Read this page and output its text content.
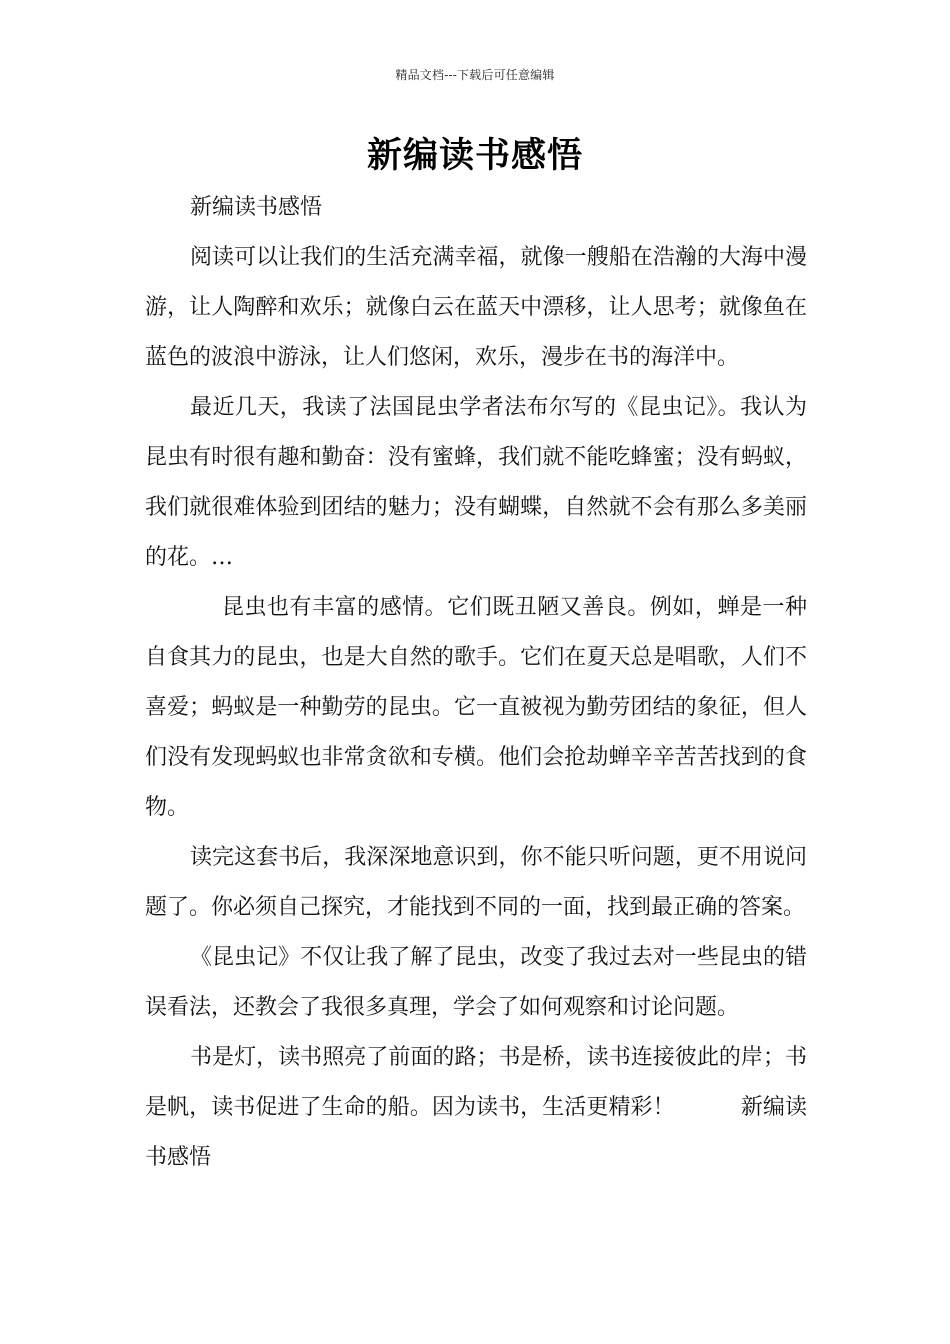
精品文档---下载后可任意编辑
新编读书感悟

新编读书感悟

阅读可以让我们的生活充满幸福，就像一艘船在浩瀚的大海中漫游，让人陶醉和欢乐；就像白云在蓝天中漂移，让人思考；就像鱼在蓝色的波浪中游泳，让人们悠闲，欢乐，漫步在书的海洋中。

最近几天，我读了法国昆虫学者法布尔写的《昆虫记》。我认为昆虫有时很有趣和勤奋：没有蜜蜂，我们就不能吃蜂蜜；没有蚂蚁，我们就很难体验到团结的魅力；没有蝴蝶，自然就不会有那么多美丽的花。…

昆虫也有丰富的感情。它们既丑陋又善良。例如，蝉是一种自食其力的昆虫，也是大自然的歌手。它们在夏天总是唱歌，人们不喜爱；蚂蚁是一种勤劳的昆虫。它一直被视为勤劳团结的象征，但人们没有发现蚂蚁也非常贪欲和专横。他们会抢劫蝉辛辛苦苦找到的食物。

读完这套书后，我深深地意识到，你不能只听问题，更不用说问题了。你必须自己探究，才能找到不同的一面，找到最正确的答案。

《昆虫记》不仅让我了解了昆虫，改变了我过去对一些昆虫的错误看法，还教会了我很多真理，学会了如何观察和讨论问题。

书是灯，读书照亮了前面的路；书是桥，读书连接彼此的岸；书是帆，读书促进了生命的船。因为读书，生活更精彩！　　　新编读书感悟
